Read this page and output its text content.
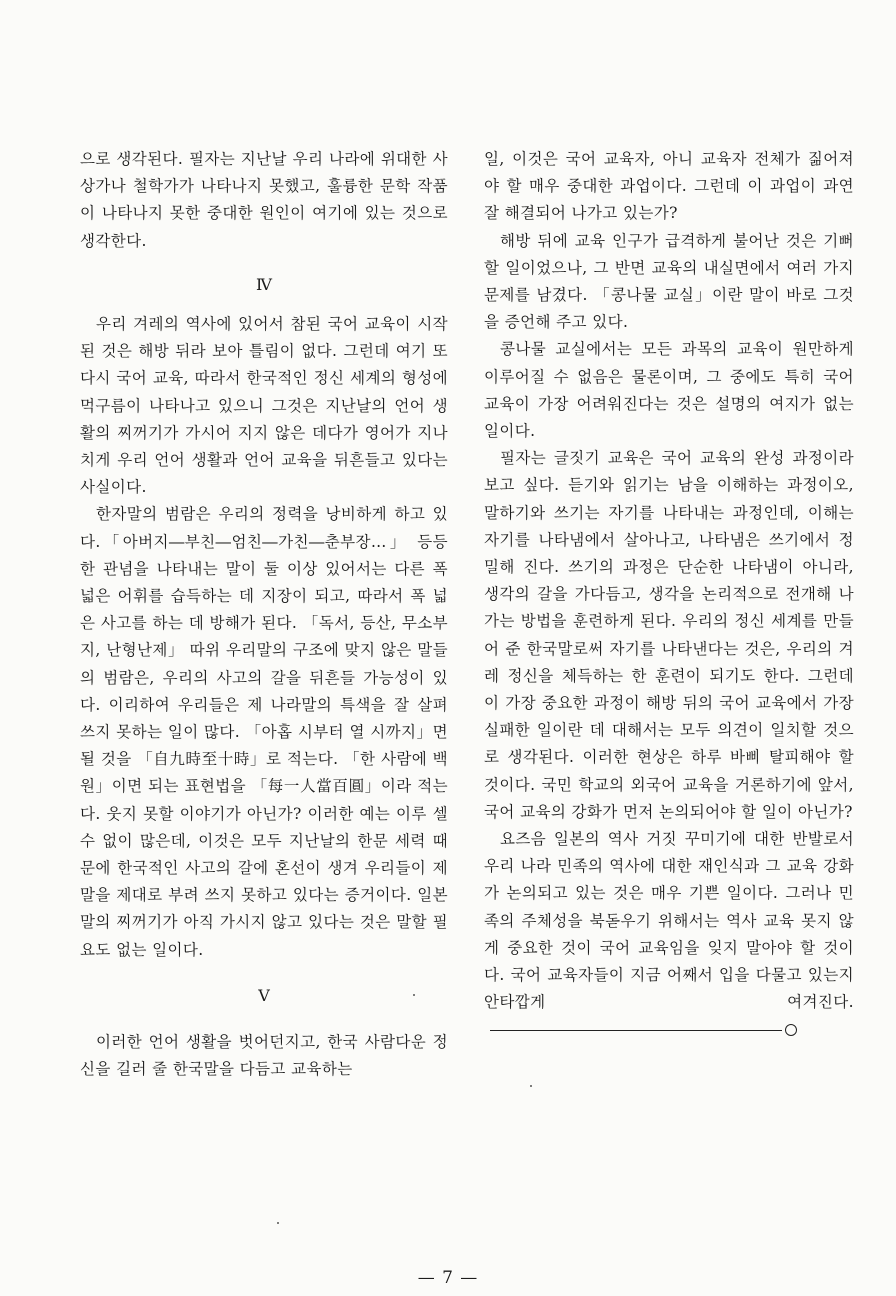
으로 생각된다. 필자는 지난날 우리 나라에 위대한 사상가나 철학가가 나타나지 못했고, 훌륭한 문학 작품이 나타나지 못한 중대한 원인이 여기에 있는 것으로 생각한다.

Ⅳ

우리 겨레의 역사에 있어서 참된 국어 교육이 시작된 것은 해방 뒤라 보아 틀림이 없다. 그런데 여기 또 다시 국어 교육, 따라서 한국적인 정신 세계의 형성에 먹구름이 나타나고 있으니 그것은 지난날의 언어 생활의 찌꺼기가 가시어 지지 않은 데다가 영어가 지나치게 우리 언어 생활과 언어 교육을 뒤흔들고 있다는 사실이다.

한자말의 범람은 우리의 정력을 낭비하게 하고 있다.「아버지―부친―엄친―가친―춘부장…」 등등 한 관념을 나타내는 말이 둘 이상 있어서는 다른 폭 넓은 어휘를 습득하는 데 지장이 되고, 따라서 폭 넓은 사고를 하는 데 방해가 된다. 「독서, 등산, 무소부지, 난형난제」 따위 우리말의 구조에 맞지 않은 말들의 범람은, 우리의 사고의 갈을 뒤흔들 가능성이 있다. 이리하여 우리들은 제 나라말의 특색을 잘 살펴 쓰지 못하는 일이 많다. 「아홉 시부터 열 시까지」면 될 것을 「自九時至十時」로 적는다. 「한 사람에 백 원」이면 되는 표현법을 「每一人當百圓」이라 적는다. 웃지 못할 이야기가 아닌가? 이러한 예는 이루 셀 수 없이 많은데, 이것은 모두 지난날의 한문 세력 때문에 한국적인 사고의 갈에 혼선이 생겨 우리들이 제 말을 제대로 부려 쓰지 못하고 있다는 증거이다. 일본말의 찌꺼기가 아직 가시지 않고 있다는 것은 말할 필요도 없는 일이다.

Ⅴ

이러한 언어 생활을 벗어던지고, 한국 사람다운 정신을 길러 줄 한국말을 다듬고 교육하는

일, 이것은 국어 교육자, 아니 교육자 전체가 짊어져야 할 매우 중대한 과업이다. 그런데 이 과업이 과연 잘 해결되어 나가고 있는가?

해방 뒤에 교육 인구가 급격하게 불어난 것은 기뻐할 일이었으나, 그 반면 교육의 내실면에서 여러 가지 문제를 남겼다. 「콩나물 교실」이란 말이 바로 그것을 증언해 주고 있다.

콩나물 교실에서는 모든 과목의 교육이 원만하게 이루어질 수 없음은 물론이며, 그 중에도 특히 국어 교육이 가장 어려워진다는 것은 설명의 여지가 없는 일이다.

필자는 글짓기 교육은 국어 교육의 완성 과정이라 보고 싶다. 듣기와 읽기는 남을 이해하는 과정이오, 말하기와 쓰기는 자기를 나타내는 과정인데, 이해는 자기를 나타냄에서 살아나고, 나타냄은 쓰기에서 정밀해 진다. 쓰기의 과정은 단순한 나타냄이 아니라, 생각의 갈을 가다듬고, 생각을 논리적으로 전개해 나가는 방법을 훈련하게 된다. 우리의 정신 세계를 만들어 준 한국말로써 자기를 나타낸다는 것은, 우리의 겨레 정신을 체득하는 한 훈련이 되기도 한다. 그런데 이 가장 중요한 과정이 해방 뒤의 국어 교육에서 가장 실패한 일이란 데 대해서는 모두 의견이 일치할 것으로 생각된다. 이러한 현상은 하루 바삐 탈피해야 할 것이다. 국민 학교의 외국어 교육을 거론하기에 앞서, 국어 교육의 강화가 먼저 논의되어야 할 일이 아닌가?

요즈음 일본의 역사 거짓 꾸미기에 대한 반발로서 우리 나라 민족의 역사에 대한 재인식과 그 교육 강화가 논의되고 있는 것은 매우 기쁜 일이다. 그러나 민족의 주체성을 북돋우기 위해서는 역사 교육 못지 않게 중요한 것이 국어 교육임을 잊지 말아야 할 것이다. 국어 교육자들이 지금 어째서 입을 다물고 있는지 안타깝게 여겨진다.

— 7 —
